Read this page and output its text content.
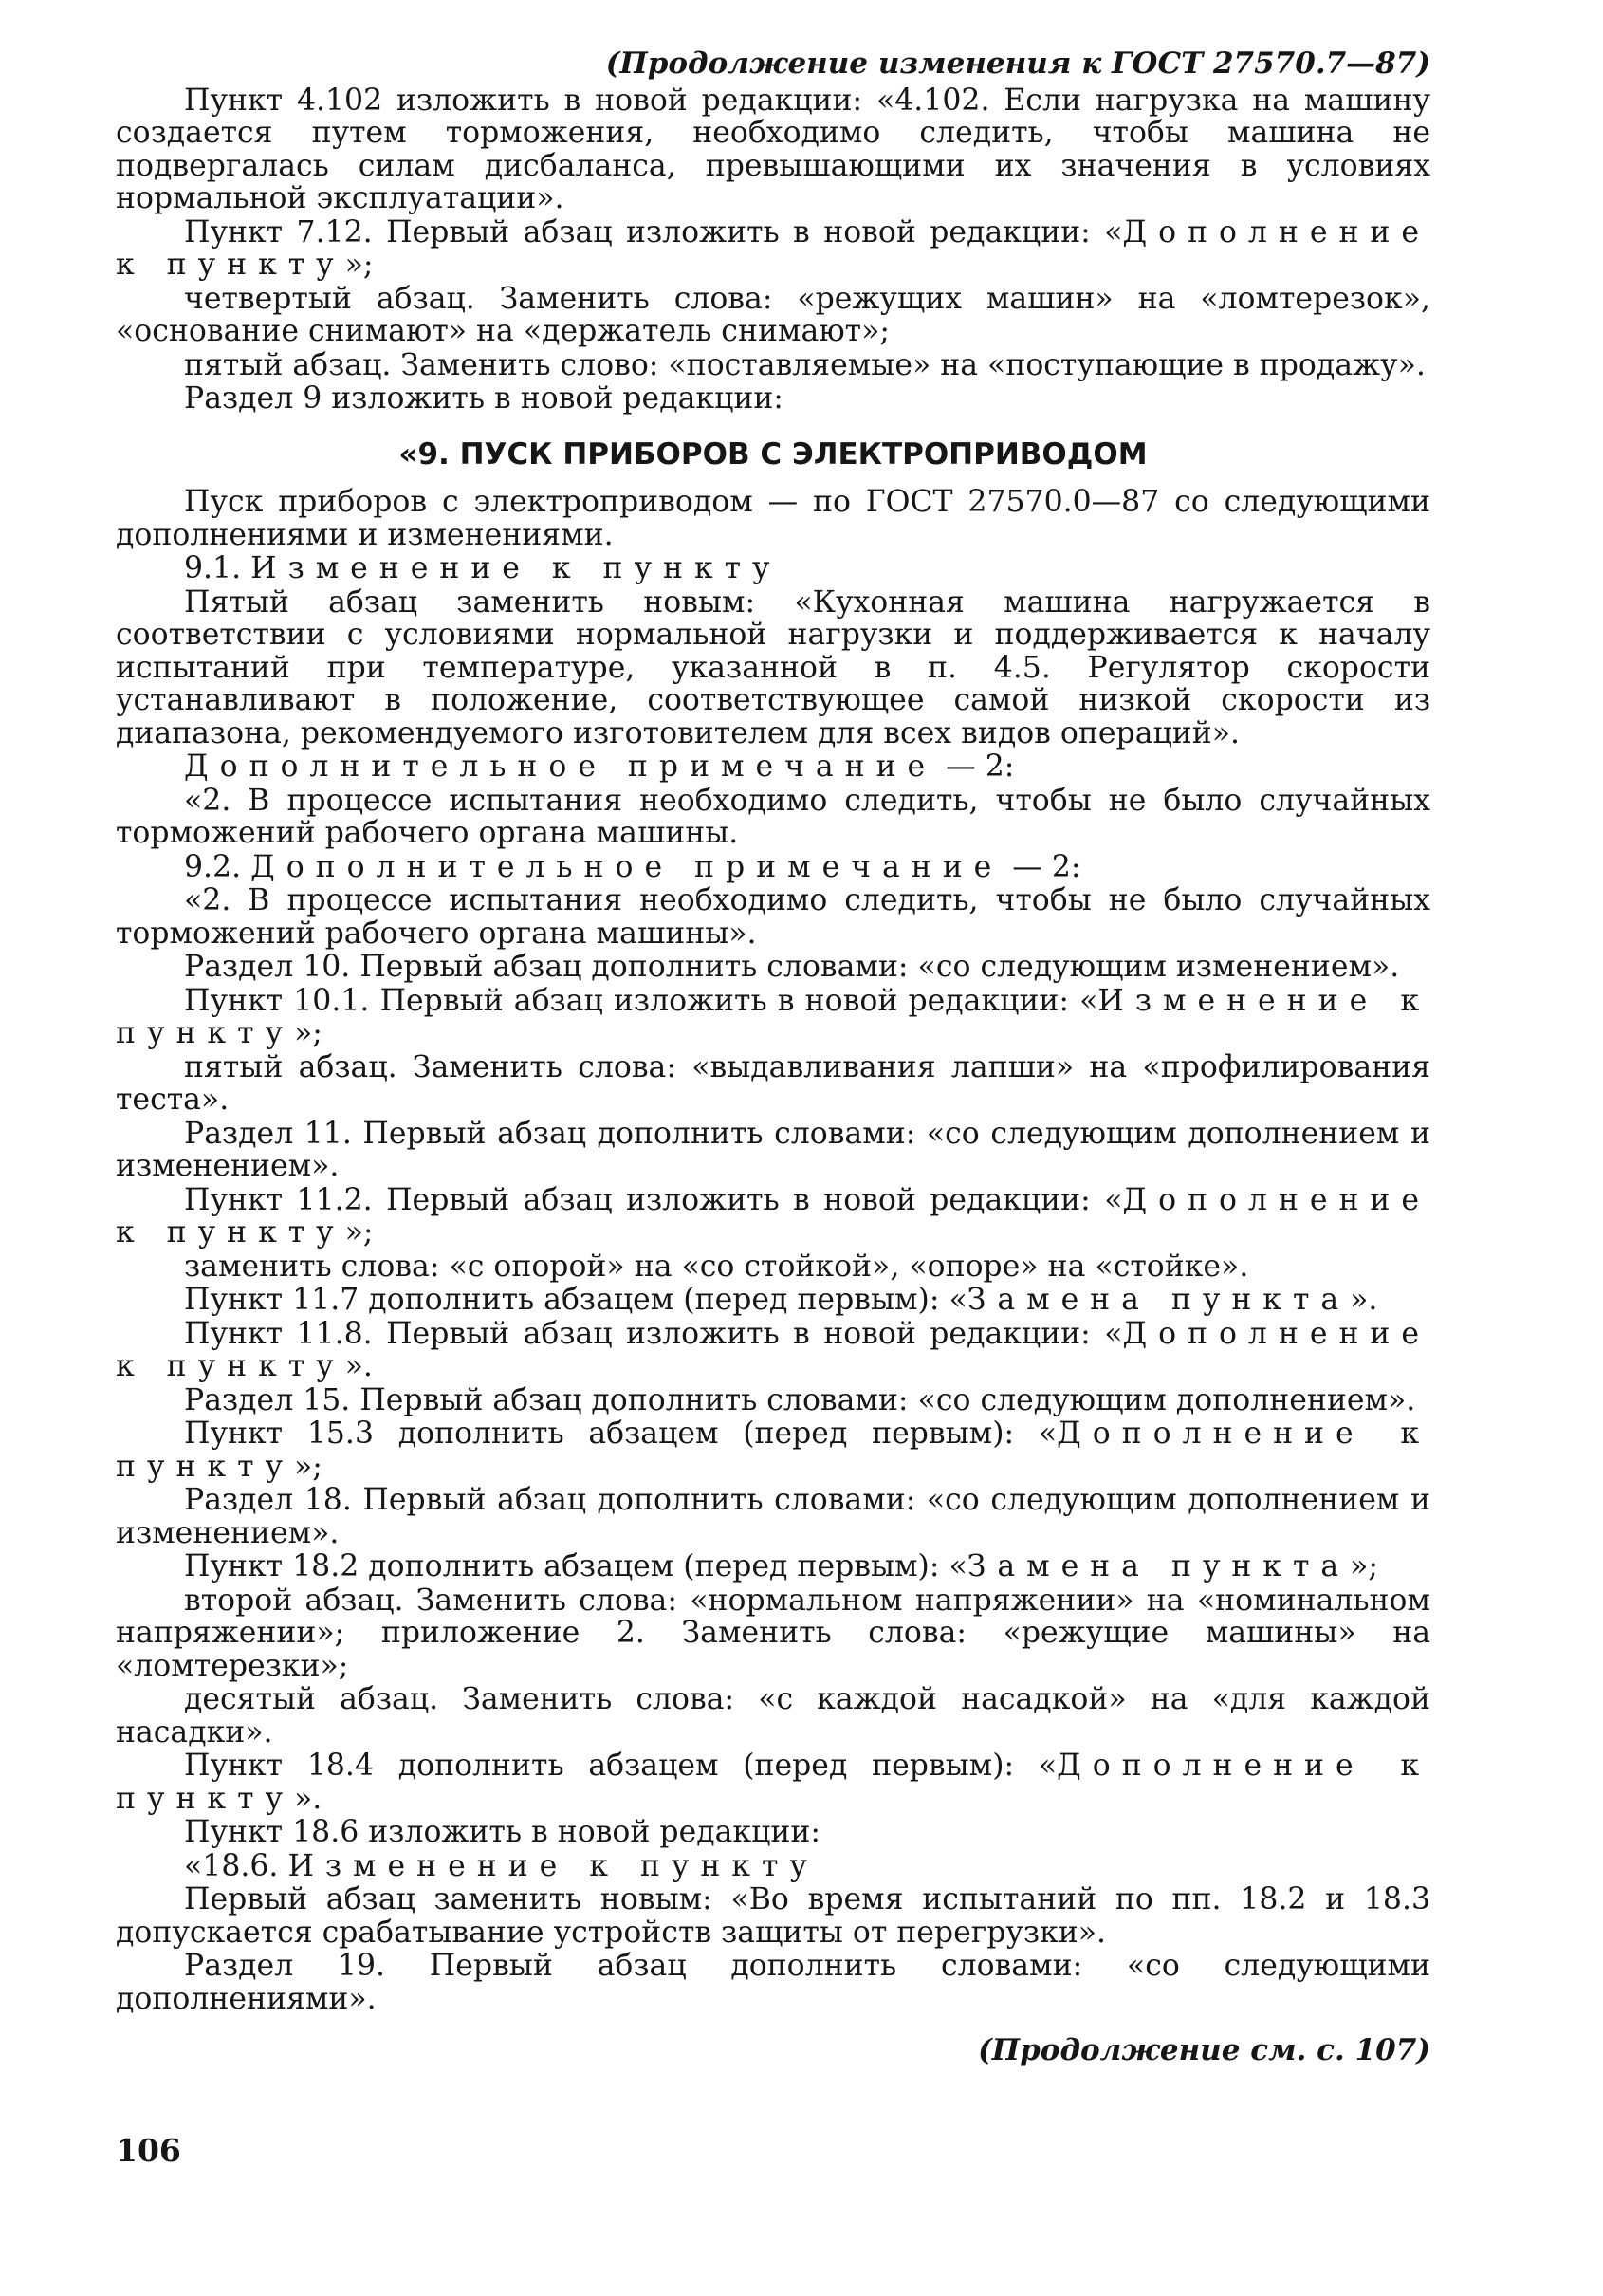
(Продолжение изменения к ГОСТ 27570.7—87)

Пункт 4.102 изложить в новой редакции: «4.102. Если нагрузка на машину создается путем торможения, необходимо следить, чтобы машина не подвергалась силам дисбаланса, превышающими их значения в условиях нормальной эксплуатации».

Пункт 7.12. Первый абзац изложить в новой редакции: «Дополнение к пункту»;

четвертый абзац. Заменить слова: «режущих машин» на «ломтерезок», «основание снимают» на «держатель снимают»;

пятый абзац. Заменить слово: «поставляемые» на «поступающие в продажу».

Раздел 9 изложить в новой редакции:

«9. ПУСК ПРИБОРОВ С ЭЛЕКТРОПРИВОДОМ

Пуск приборов с электроприводом — по ГОСТ 27570.0—87 со следующими дополнениями и изменениями.

9.1. Изменение к пункту

Пятый абзац заменить новым: «Кухонная машина нагружается в соответствии с условиями нормальной нагрузки и поддерживается к началу испытаний при температуре, указанной в п. 4.5. Регулятор скорости устанавливают в положение, соответствующее самой низкой скорости из диапазона, рекомендуемого изготовителем для всех видов операций».

Дополнительное примечание — 2:

«2. В процессе испытания необходимо следить, чтобы не было случайных торможений рабочего органа машины.

9.2. Дополнительное примечание — 2:

«2. В процессе испытания необходимо следить, чтобы не было случайных торможений рабочего органа машины».

Раздел 10. Первый абзац дополнить словами: «со следующим изменением».

Пункт 10.1. Первый абзац изложить в новой редакции: «Изменение к пункту»;

пятый абзац. Заменить слова: «выдавливания лапши» на «профилирования теста».

Раздел 11. Первый абзац дополнить словами: «со следующим дополнением и изменением».

Пункт 11.2. Первый абзац изложить в новой редакции: «Дополнение к пункту»;

заменить слова: «с опорой» на «со стойкой», «опоре» на «стойке».

Пункт 11.7 дополнить абзацем (перед первым): «Замена пункта».

Пункт 11.8. Первый абзац изложить в новой редакции: «Дополнение к пункту».

Раздел 15. Первый абзац дополнить словами: «со следующим дополнением».

Пункт 15.3 дополнить абзацем (перед первым): «Дополнение к пункту»;

Раздел 18. Первый абзац дополнить словами: «со следующим дополнением и изменением».

Пункт 18.2 дополнить абзацем (перед первым): «Замена пункта»;

второй абзац. Заменить слова: «нормальном напряжении» на «номинальном напряжении»; приложение 2. Заменить слова: «режущие машины» на «ломтерезки»;

десятый абзац. Заменить слова: «с каждой насадкой» на «для каждой насадки».

Пункт 18.4 дополнить абзацем (перед первым): «Дополнение к пункту».

Пункт 18.6 изложить в новой редакции:

«18.6. Изменение к пункту

Первый абзац заменить новым: «Во время испытаний по пп. 18.2 и 18.3 допускается срабатывание устройств защиты от перегрузки».

Раздел 19. Первый абзац дополнить словами: «со следующими дополнениями».

(Продолжение см. с. 107)
106
